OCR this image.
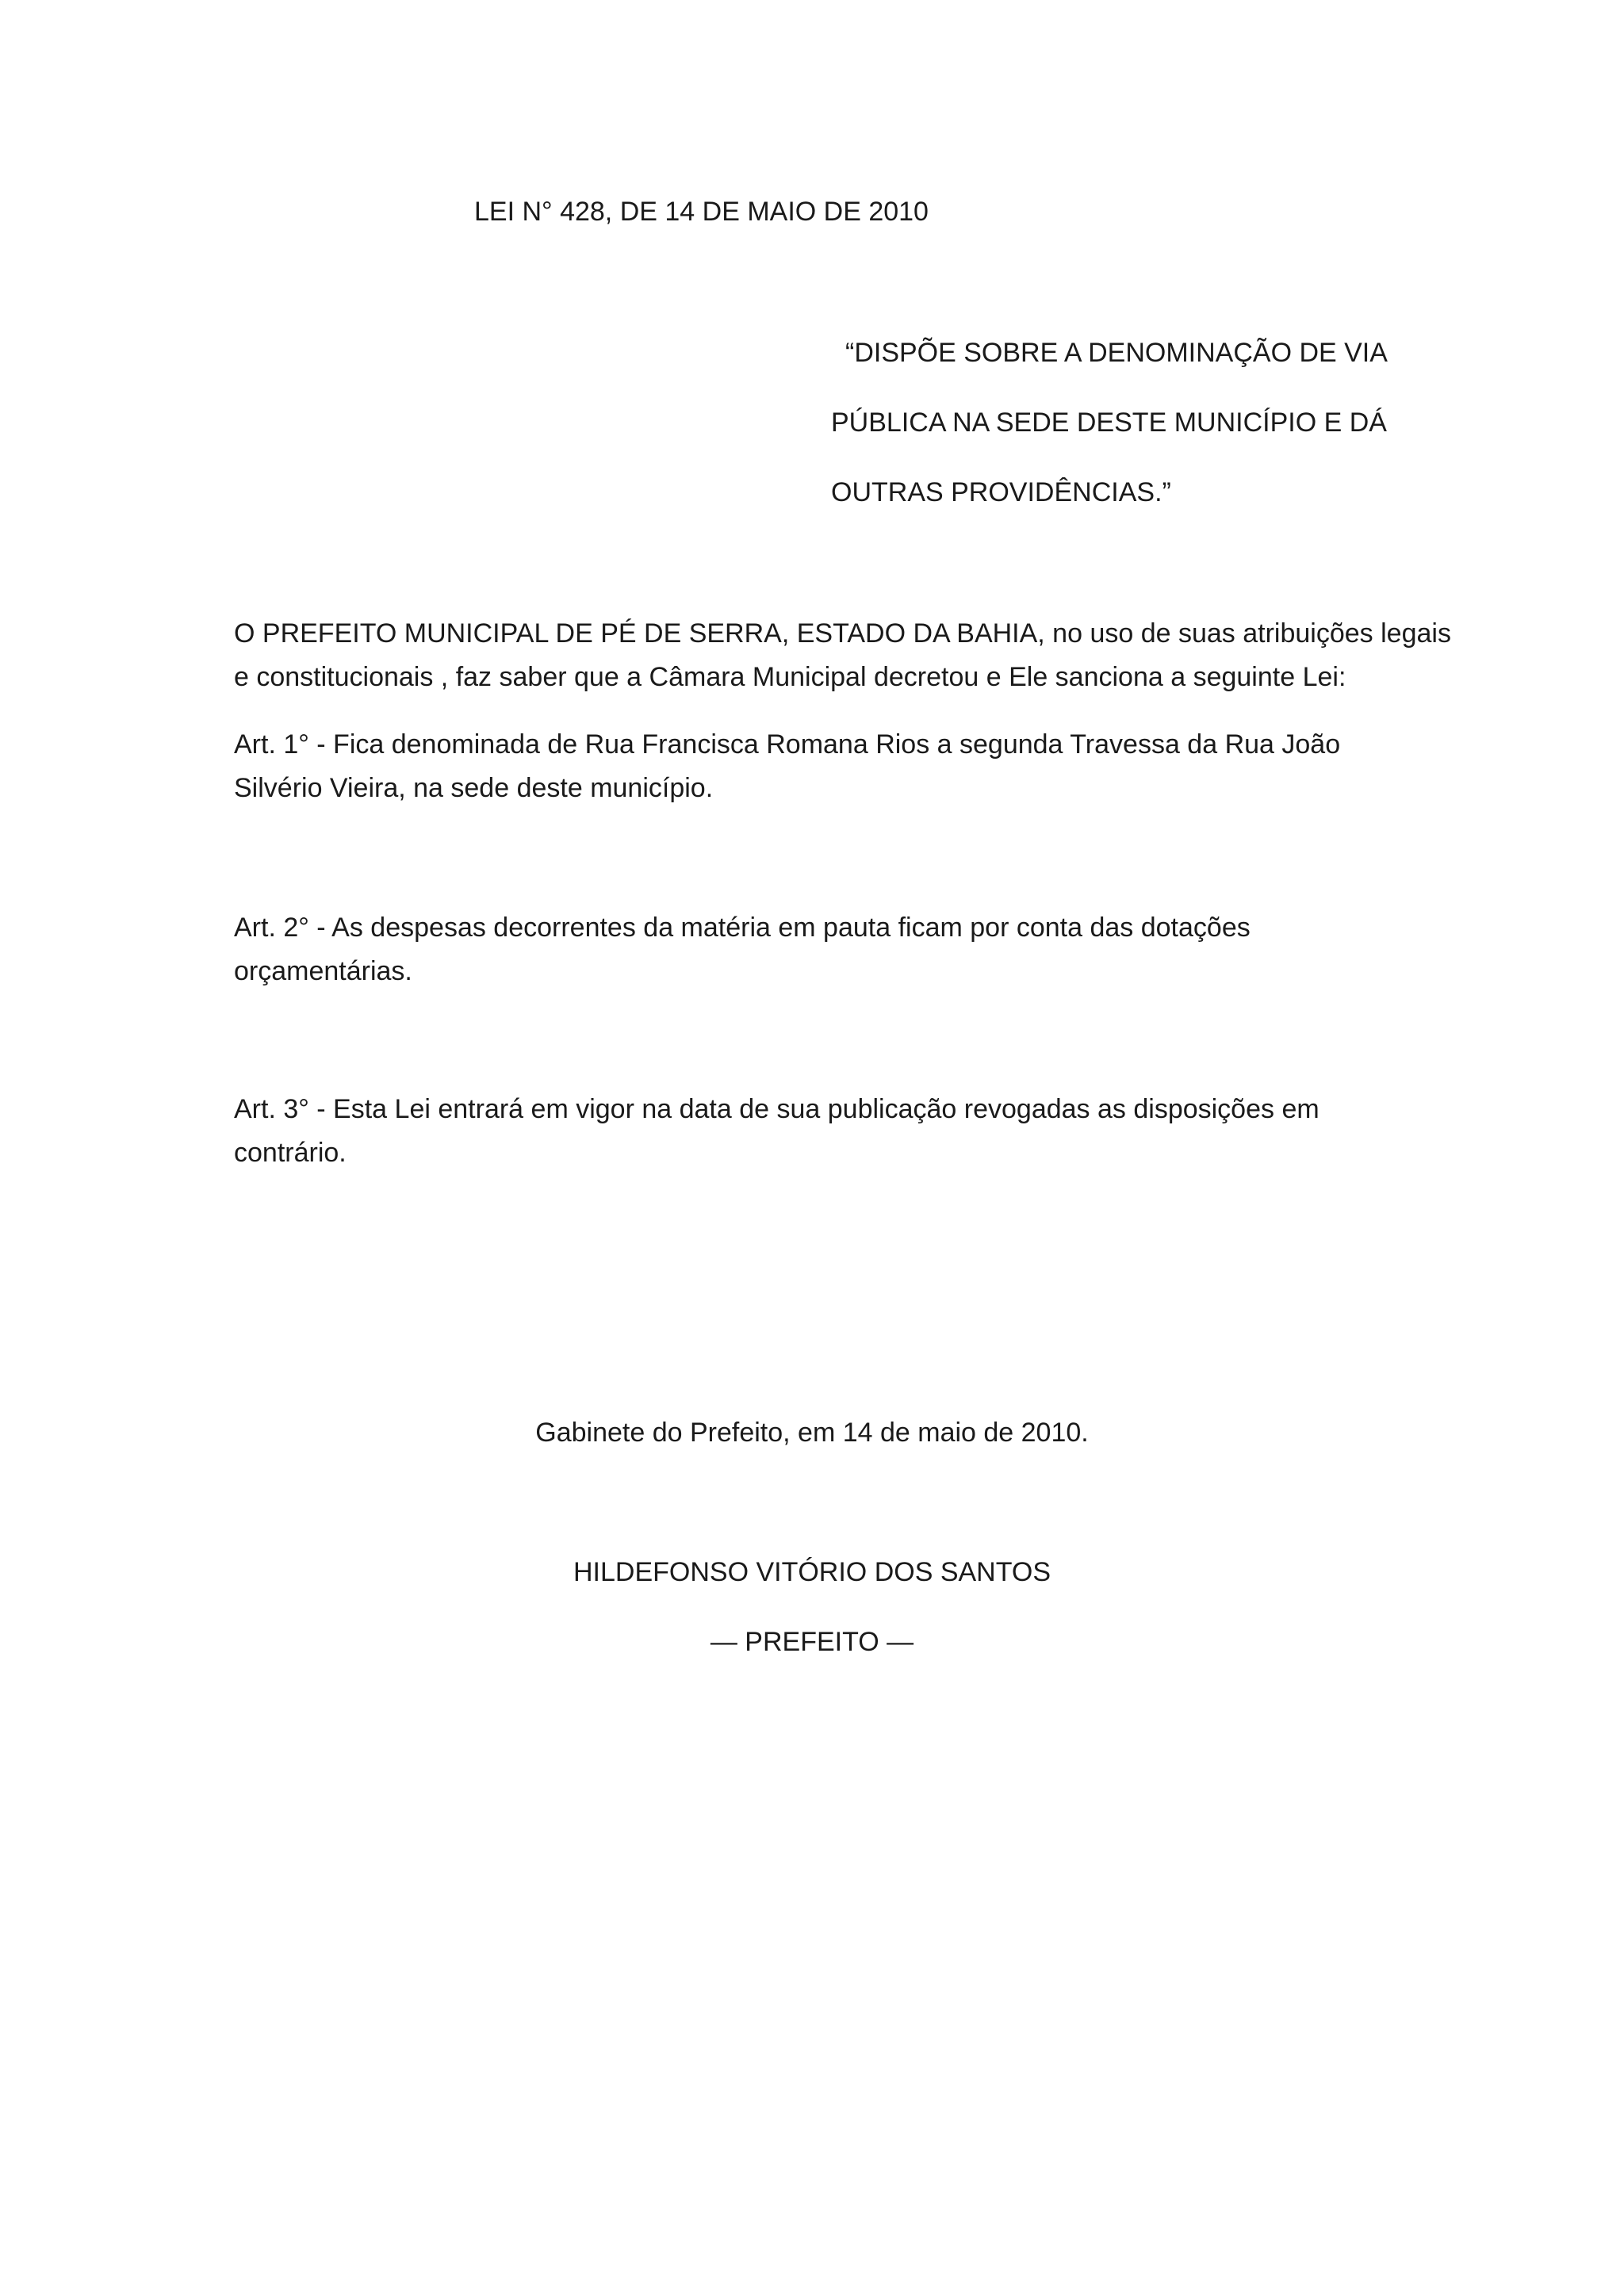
LEI N° 428, DE 14 DE MAIO DE 2010
“DISPÕE SOBRE A DENOMINAÇÃO DE VIA
PÚBLICA NA SEDE DESTE MUNICÍPIO E DÁ
OUTRAS PROVIDÊNCIAS.”
O PREFEITO MUNICIPAL DE PÉ DE SERRA, ESTADO DA BAHIA, no uso de suas atribuições legais
e constitucionais , faz saber que a Câmara Municipal decretou e Ele sanciona a seguinte Lei:
Art. 1° - Fica denominada de Rua Francisca Romana Rios a segunda Travessa da Rua João
Silvério Vieira, na sede deste município.
Art. 2° - As despesas decorrentes da matéria em pauta ficam por conta das dotações
orçamentárias.
Art. 3° - Esta Lei entrará em vigor na data de sua publicação revogadas as disposições em
contrário.
Gabinete do Prefeito, em 14 de maio de 2010.
HILDEFONSO VITÓRIO DOS SANTOS
— PREFEITO —
